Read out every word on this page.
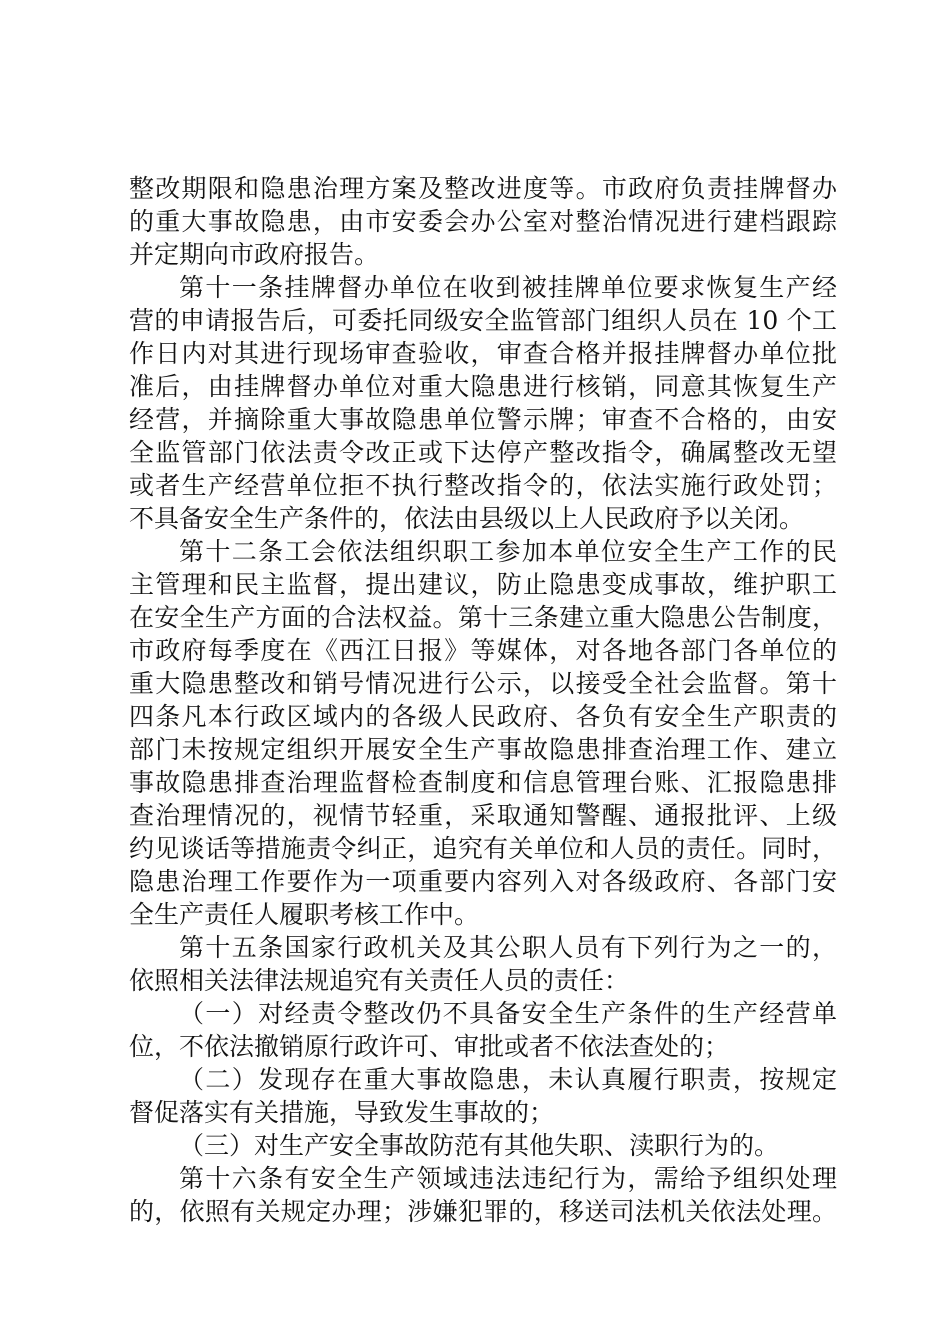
整改期限和隐患治理方案及整改进度等。市政府负责挂牌督办
的重大事故隐患，由市安委会办公室对整治情况进行建档跟踪
并定期向市政府报告。
第十一条挂牌督办单位在收到被挂牌单位要求恢复生产经
营的申请报告后，可委托同级安全监管部门组织人员在 10 个工
作日内对其进行现场审查验收，审查合格并报挂牌督办单位批
准后，由挂牌督办单位对重大隐患进行核销，同意其恢复生产
经营，并摘除重大事故隐患单位警示牌；审查不合格的，由安
全监管部门依法责令改正或下达停产整改指令，确属整改无望
或者生产经营单位拒不执行整改指令的，依法实施行政处罚；
不具备安全生产条件的，依法由县级以上人民政府予以关闭。
第十二条工会依法组织职工参加本单位安全生产工作的民
主管理和民主监督，提出建议，防止隐患变成事故，维护职工
在安全生产方面的合法权益。第十三条建立重大隐患公告制度，
市政府每季度在《西江日报》等媒体，对各地各部门各单位的
重大隐患整改和销号情况进行公示，以接受全社会监督。第十
四条凡本行政区域内的各级人民政府、各负有安全生产职责的
部门未按规定组织开展安全生产事故隐患排查治理工作、建立
事故隐患排查治理监督检查制度和信息管理台账、汇报隐患排
查治理情况的，视情节轻重，采取通知警醒、通报批评、上级
约见谈话等措施责令纠正，追究有关单位和人员的责任。同时，
隐患治理工作要作为一项重要内容列入对各级政府、各部门安
全生产责任人履职考核工作中。
第十五条国家行政机关及其公职人员有下列行为之一的，
依照相关法律法规追究有关责任人员的责任：
（一）对经责令整改仍不具备安全生产条件的生产经营单
位，不依法撤销原行政许可、审批或者不依法查处的；
（二）发现存在重大事故隐患，未认真履行职责，按规定
督促落实有关措施，导致发生事故的；
（三）对生产安全事故防范有其他失职、渎职行为的。
第十六条有安全生产领域违法违纪行为，需给予组织处理
的，依照有关规定办理；涉嫌犯罪的，移送司法机关依法处理。
